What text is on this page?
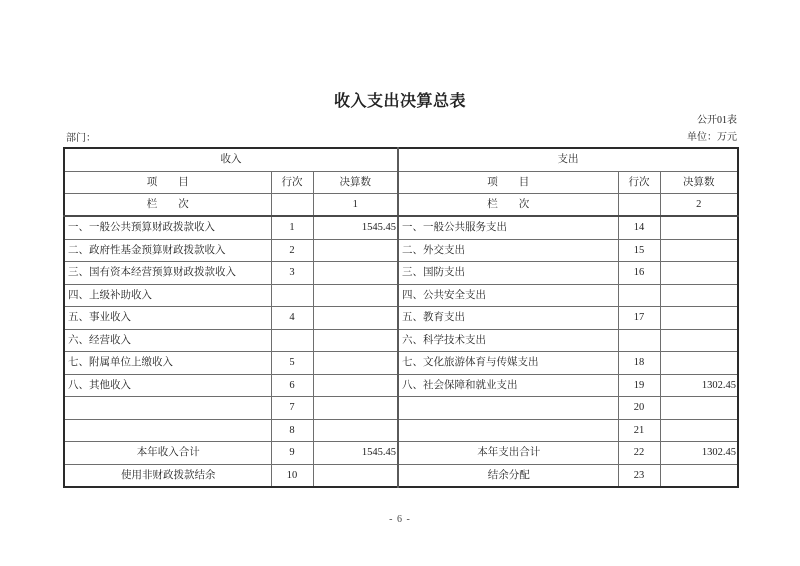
收入支出决算总表
公开01表
部门：	单位：万元
收入			支出		
项　　目	行次	决算数	项　　目	行次	决算数
栏　　次		1	栏　　次		2
一、一般公共预算财政拨款收入	1	1545.45	一、一般公共服务支出	14	
二、政府性基金预算财政拨款收入	2		二、外交支出	15	
三、国有资本经营预算财政拨款收入	3		三、国防支出	16	
四、上级补助收入			四、公共安全支出		
五、事业收入	4		五、教育支出	17	
六、经营收入			六、科学技术支出		
七、附属单位上缴收入	5		七、文化旅游体育与传媒支出	18	
八、其他收入	6		八、社会保障和就业支出	19	1302.45
	7			20	
	8			21	
本年收入合计	9	1545.45	本年支出合计	22	1302.45
使用非财政拨款结余	10		结余分配	23	
- 6 -
